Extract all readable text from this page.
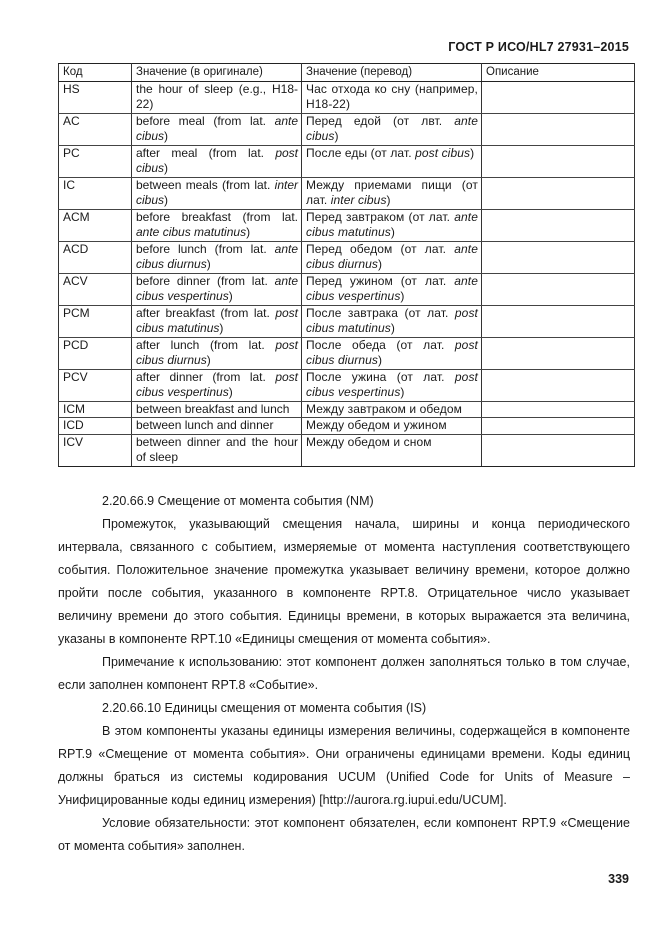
ГОСТ Р ИСО/HL7 27931–2015
Код	Значение (в оригинале)	Значение (перевод)	Описание
HS	the hour of sleep (e.g., H18-22)	Час отхода ко сну (например, H18-22)	
AC	before meal (from lat. ante cibus)	Перед едой (от лвт. ante cibus)	
PC	after meal (from lat. post cibus)	После еды (от лат. post cibus)	
IC	between meals (from lat. inter cibus)	Между приемами пищи (от лат. inter cibus)	
ACM	before breakfast (from lat. ante cibus matutinus)	Перед завтраком (от лат. ante cibus matutinus)	
ACD	before lunch (from lat. ante cibus diurnus)	Перед обедом (от лат. ante cibus diurnus)	
ACV	before dinner (from lat. ante cibus vespertinus)	Перед ужином (от лат. ante cibus vespertinus)	
PCM	after breakfast (from lat. post cibus matutinus)	После завтрака (от лат. post cibus matutinus)	
PCD	after lunch (from lat. post cibus diurnus)	После обеда (от лат. post cibus diurnus)	
PCV	after dinner (from lat. post cibus vespertinus)	После ужина (от лат. post cibus vespertinus)	
ICM	between breakfast and lunch	Между завтраком и обедом	
ICD	between lunch and dinner	Между обедом и ужином	
ICV	between dinner and the hour of sleep	Между обедом и сном	

2.20.66.9 Смещение от момента события (NM)

Промежуток, указывающий смещения начала, ширины и конца периодического интервала, связанного с событием, измеряемые от момента наступления соответствующего события. Положительное значение промежутка указывает величину времени, которое должно пройти после события, указанного в компоненте RPT.8. Отрицательное число указывает величину времени до этого события. Единицы времени, в которых выражается эта величина, указаны в компоненте RPT.10 «Единицы смещения от момента события».

Примечание к использованию: этот компонент должен заполняться только в том случае, если заполнен компонент RPT.8 «Событие».

2.20.66.10 Единицы смещения от момента события (IS)

В этом компоненты указаны единицы измерения величины, содержащейся в компоненте RPT.9 «Смещение от момента события». Они ограничены единицами времени. Коды единиц должны браться из системы кодирования UCUM (Unified Code for Units of Measure – Унифицированные коды единиц измерения) [http://aurora.rg.iupui.edu/UCUM].

Условие обязательности: этот компонент обязателен, если компонент RPT.9 «Смещение от момента события» заполнен.

339
